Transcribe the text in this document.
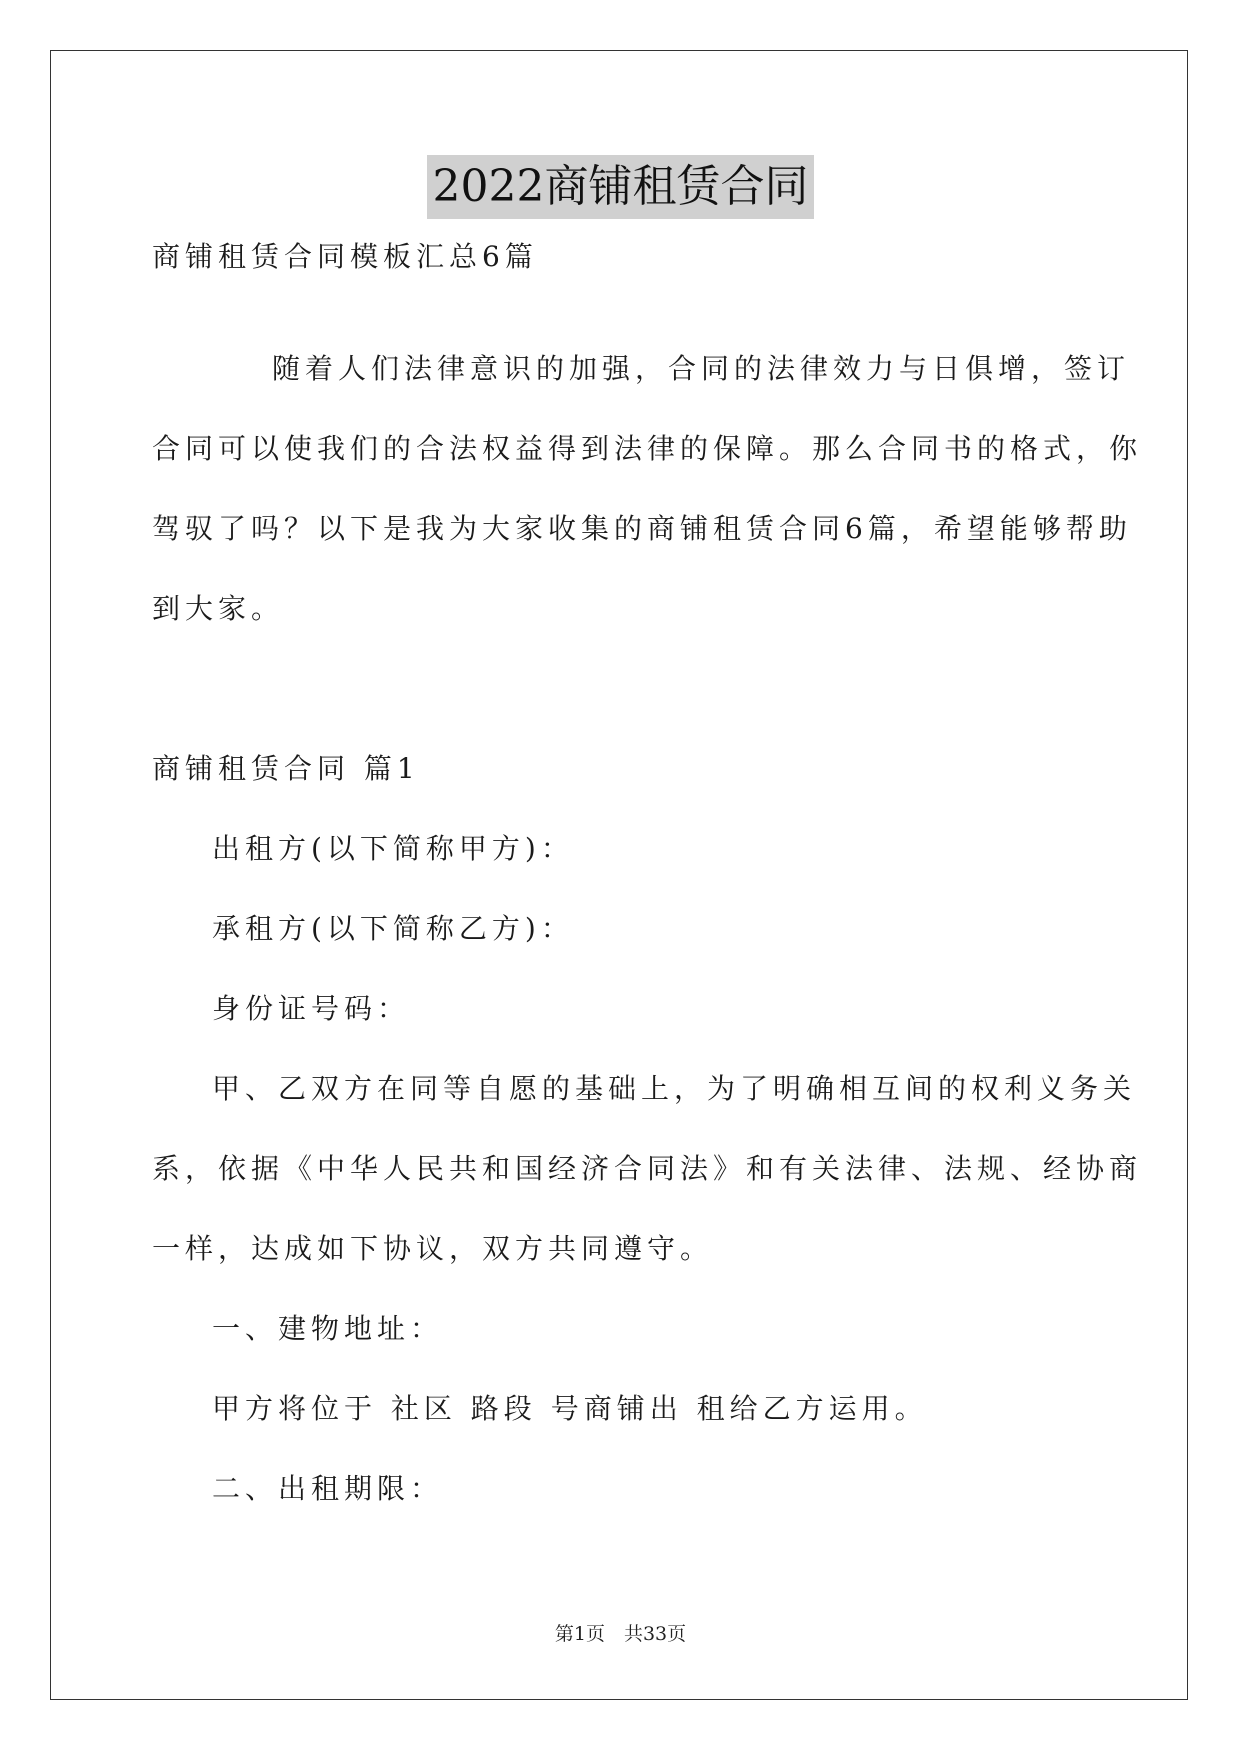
2022商铺租赁合同
商铺租赁合同模板汇总6篇
随着人们法律意识的加强，合同的法律效力与日俱增，签订
合同可以使我们的合法权益得到法律的保障。那么合同书的格式，你
驾驭了吗？以下是我为大家收集的商铺租赁合同6篇，希望能够帮助
到大家。
商铺租赁合同 篇1
出租方(以下简称甲方)：
承租方(以下简称乙方)：
身份证号码：
甲、乙双方在同等自愿的基础上，为了明确相互间的权利义务关
系，依据《中华人民共和国经济合同法》和有关法律、法规、经协商
一样，达成如下协议，双方共同遵守。
一、建物地址：
甲方将位于 社区 路段 号商铺出 租给乙方运用。
二、出租期限：
第1页　共33页
